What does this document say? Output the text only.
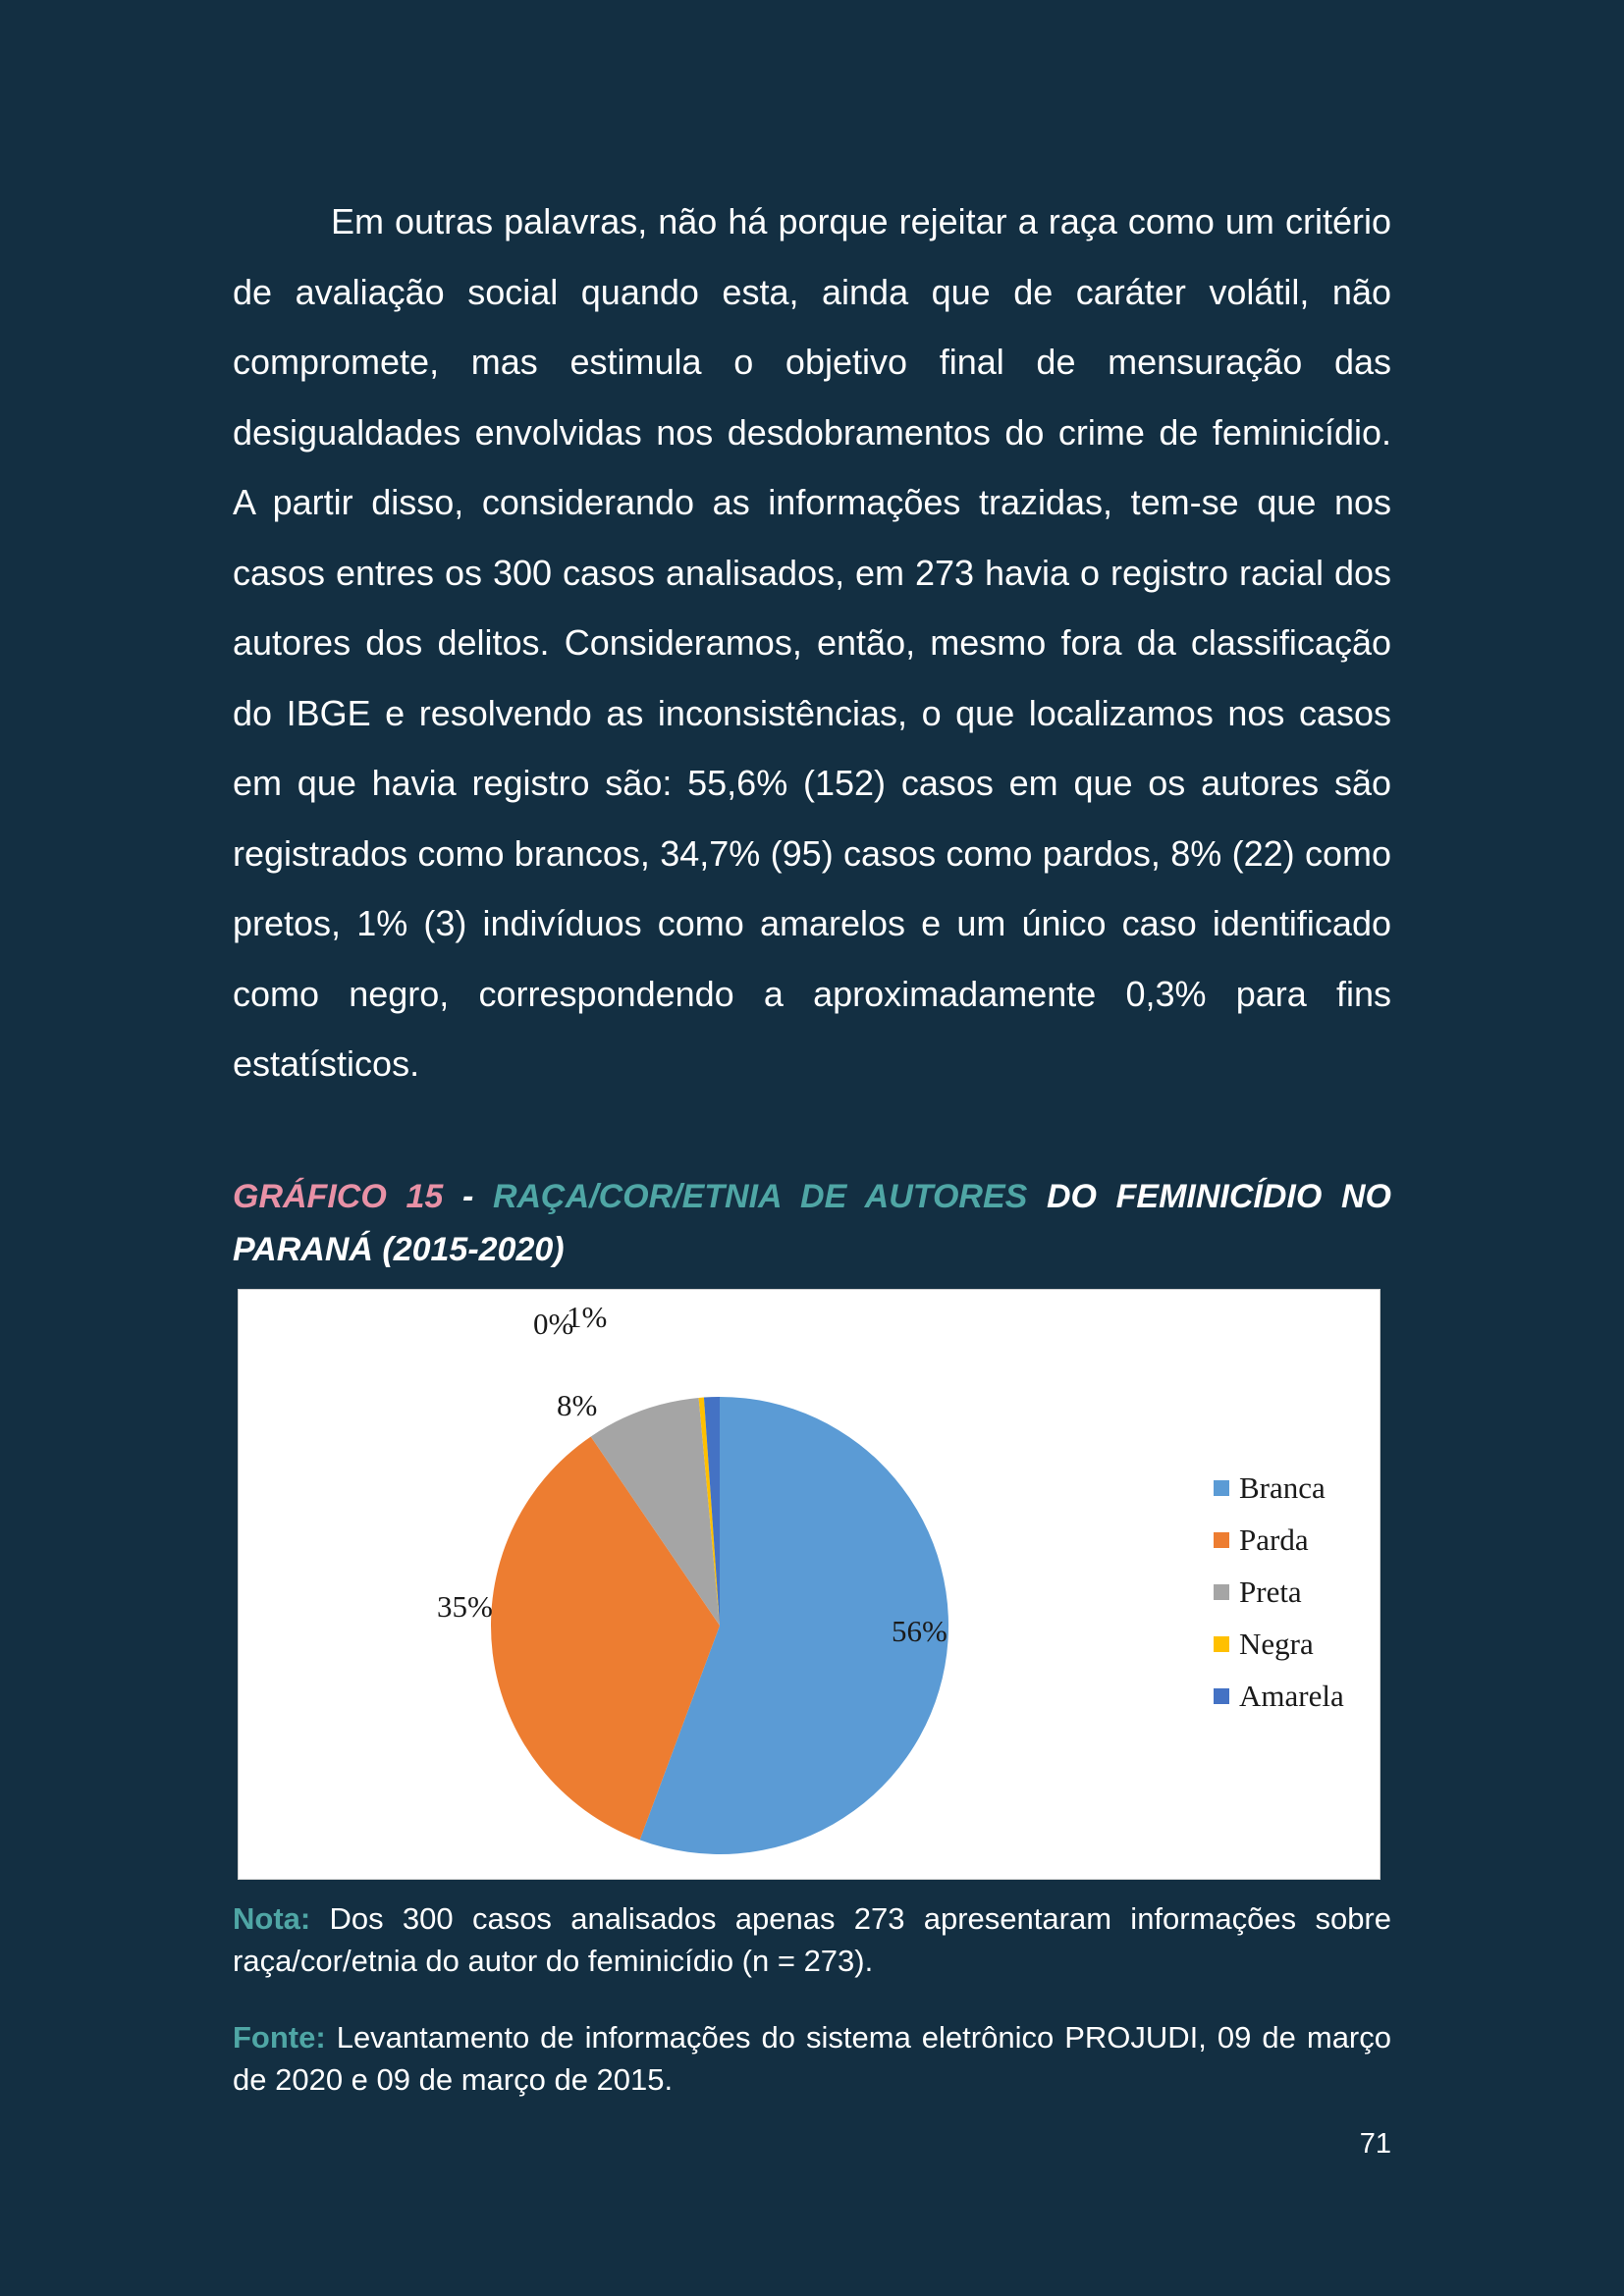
Em outras palavras, não há porque rejeitar a raça como um critério de avaliação social quando esta, ainda que de caráter volátil, não compromete, mas estimula o objetivo final de mensuração das desigualdades envolvidas nos desdobramentos do crime de feminicídio. A partir disso, considerando as informações trazidas, tem-se que nos casos entres os 300 casos analisados, em 273 havia o registro racial dos autores dos delitos. Consideramos, então, mesmo fora da classificação do IBGE e resolvendo as inconsistências, o que localizamos nos casos em que havia registro são: 55,6% (152) casos em que os autores são registrados como brancos, 34,7% (95) casos como pardos, 8% (22) como pretos, 1% (3) indivíduos como amarelos e um único caso identificado como negro, correspondendo a aproximadamente 0,3% para fins estatísticos.

GRÁFICO 15 - RAÇA/COR/ETNIA DE AUTORES DO FEMINICÍDIO NO PARANÁ (2015-2020)
56%
35%
8%
0%
1%
Branca
Parda
Preta
Negra
Amarela

Nota: Dos 300 casos analisados apenas 273 apresentaram informações sobre raça/cor/etnia do autor do feminicídio (n = 273).

Fonte: Levantamento de informações do sistema eletrônico PROJUDI, 09 de março de 2020 e 09 de março de 2015.

71
